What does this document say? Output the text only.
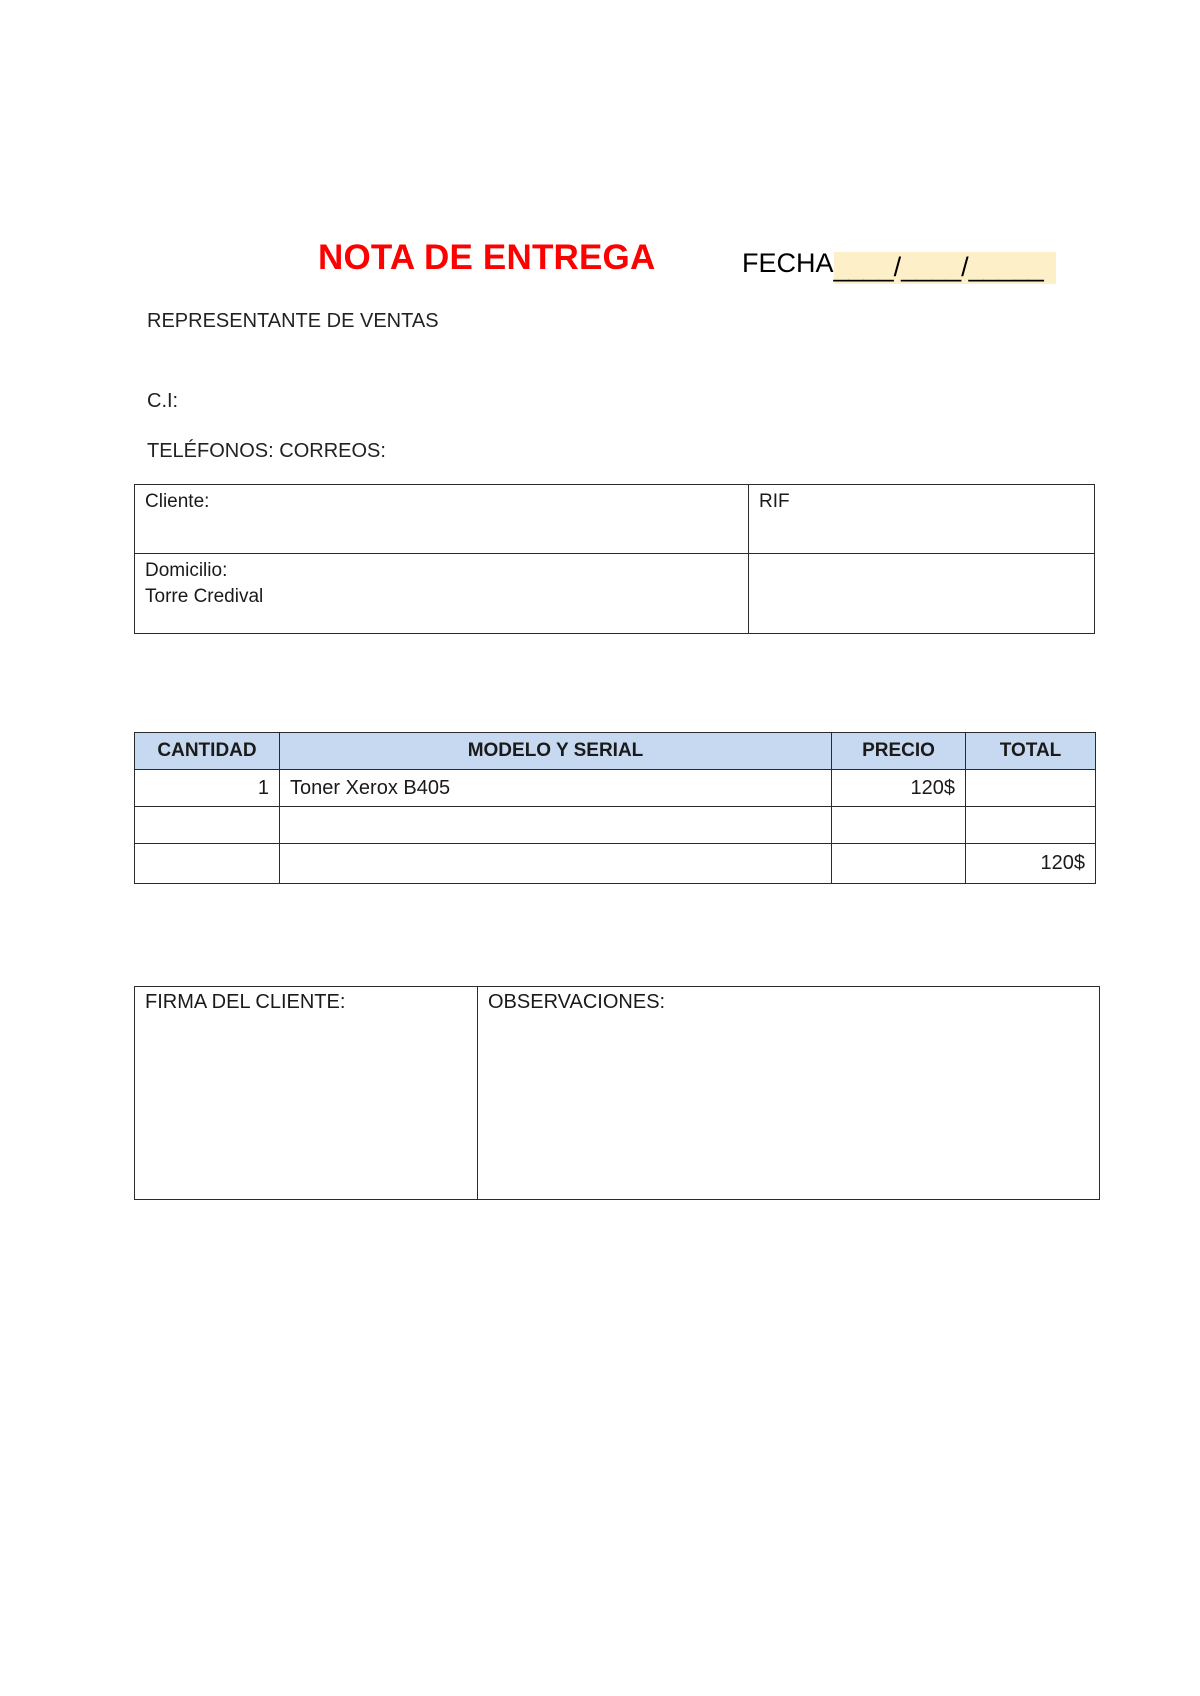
NOTA DE ENTREGA	FECHA____/____/_____
REPRESENTANTE DE VENTAS
C.I:
TELÉFONOS: CORREOS:
Cliente:	RIF

Domicilio:
Torre Credival	

CANTIDAD	MODELO Y SERIAL	PRECIO	TOTAL
1	Toner Xerox B405	120$	

			120$
FIRMA DEL CLIENTE:	OBSERVACIONES:
